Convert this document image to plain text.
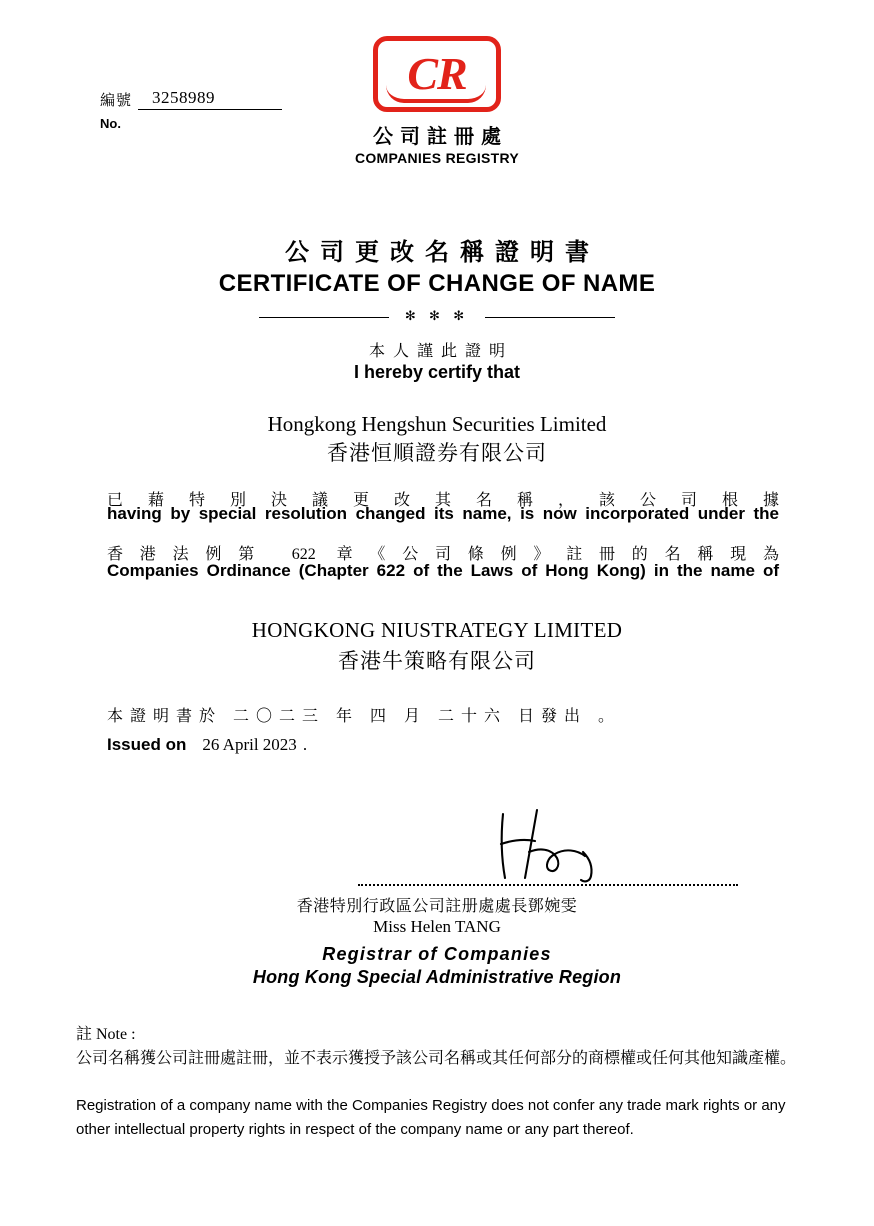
編號	3258989
No.
CR
公司註冊處
COMPANIES REGISTRY
公司更改名稱證明書
CERTIFICATE OF CHANGE OF NAME
✻ ✻ ✻
本人謹此證明
I hereby certify that
Hongkong Hengshun Securities Limited
香港恒順證券有限公司
已藉特別決議更改其名稱，該公司根據
having by special resolution changed its name, is now incorporated under the
香港法例第 622 章《公司條例》註冊的名稱現為
Companies Ordinance (Chapter 622 of the Laws of Hong Kong) in the name of
HONGKONG NIUSTRATEGY LIMITED
香港牛策略有限公司
本證明書於 二〇二三 年 四 月 二十六 日發出 。
Issued on 26 April 2023 .
香港特別行政區公司註册處處長鄧婉雯
Miss Helen TANG
Registrar of Companies
Hong Kong Special Administrative Region
註 Note :
公司名稱獲公司註冊處註冊，並不表示獲授予該公司名稱或其任何部分的商標權或任何其他知識產權。
Registration of a company name with the Companies Registry does not confer any trade mark rights or any other intellectual property rights in respect of the company name or any part thereof.
